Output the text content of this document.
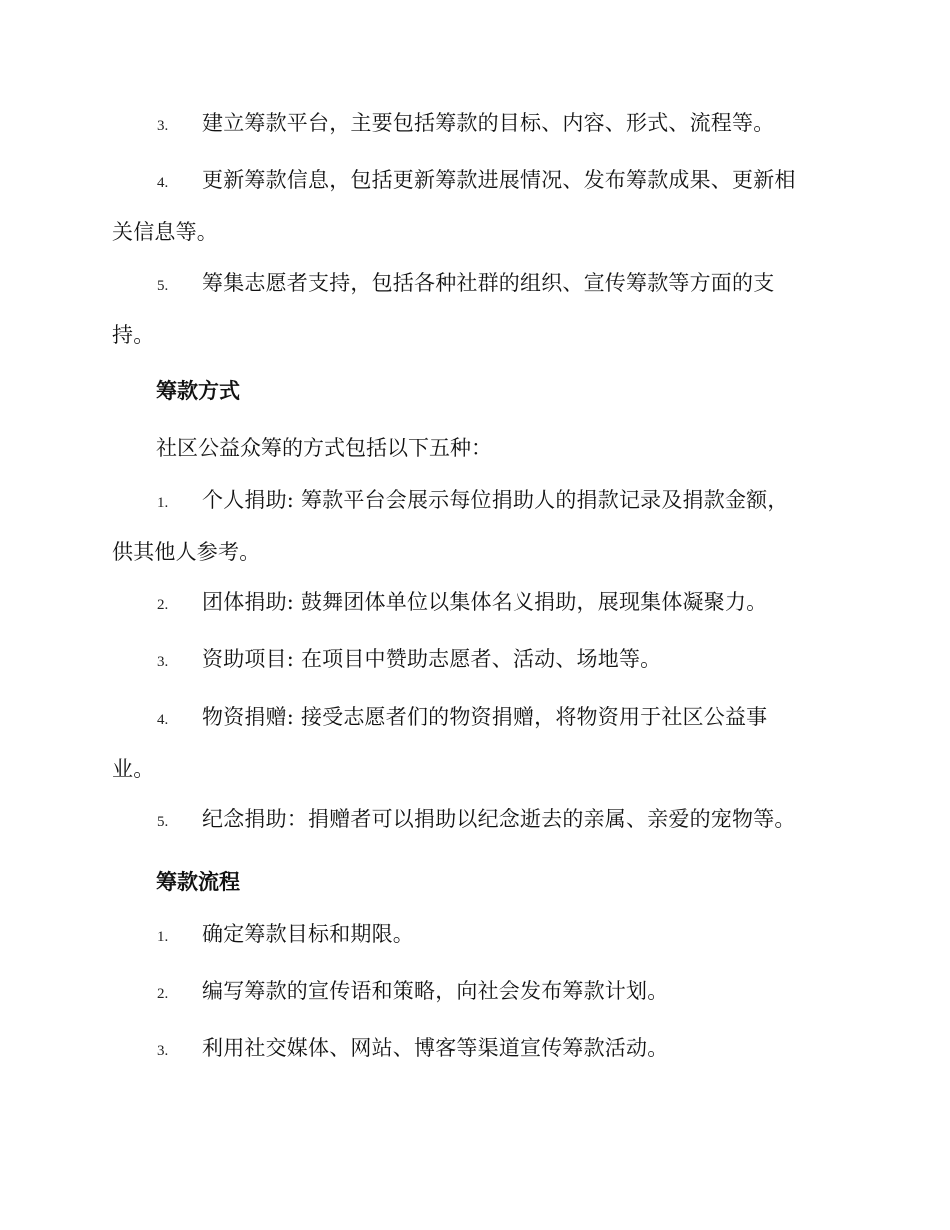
3.	建立筹款平台，主要包括筹款的目标、内容、形式、流程等。
4.	更新筹款信息，包括更新筹款进展情况、发布筹款成果、更新相
关信息等。
5.	筹集志愿者支持，包括各种社群的组织、宣传筹款等方面的支
持。
筹款方式
社区公益众筹的方式包括以下五种：
1.	个人捐助: 筹款平台会展示每位捐助人的捐款记录及捐款金额，
供其他人参考。
2.	团体捐助: 鼓舞团体单位以集体名义捐助，展现集体凝聚力。
3.	资助项目: 在项目中赞助志愿者、活动、场地等。
4.	物资捐赠: 接受志愿者们的物资捐赠，将物资用于社区公益事
业。
5.	纪念捐助：捐赠者可以捐助以纪念逝去的亲属、亲爱的宠物等。
筹款流程
1.	确定筹款目标和期限。
2.	编写筹款的宣传语和策略，向社会发布筹款计划。
3.	利用社交媒体、网站、博客等渠道宣传筹款活动。
